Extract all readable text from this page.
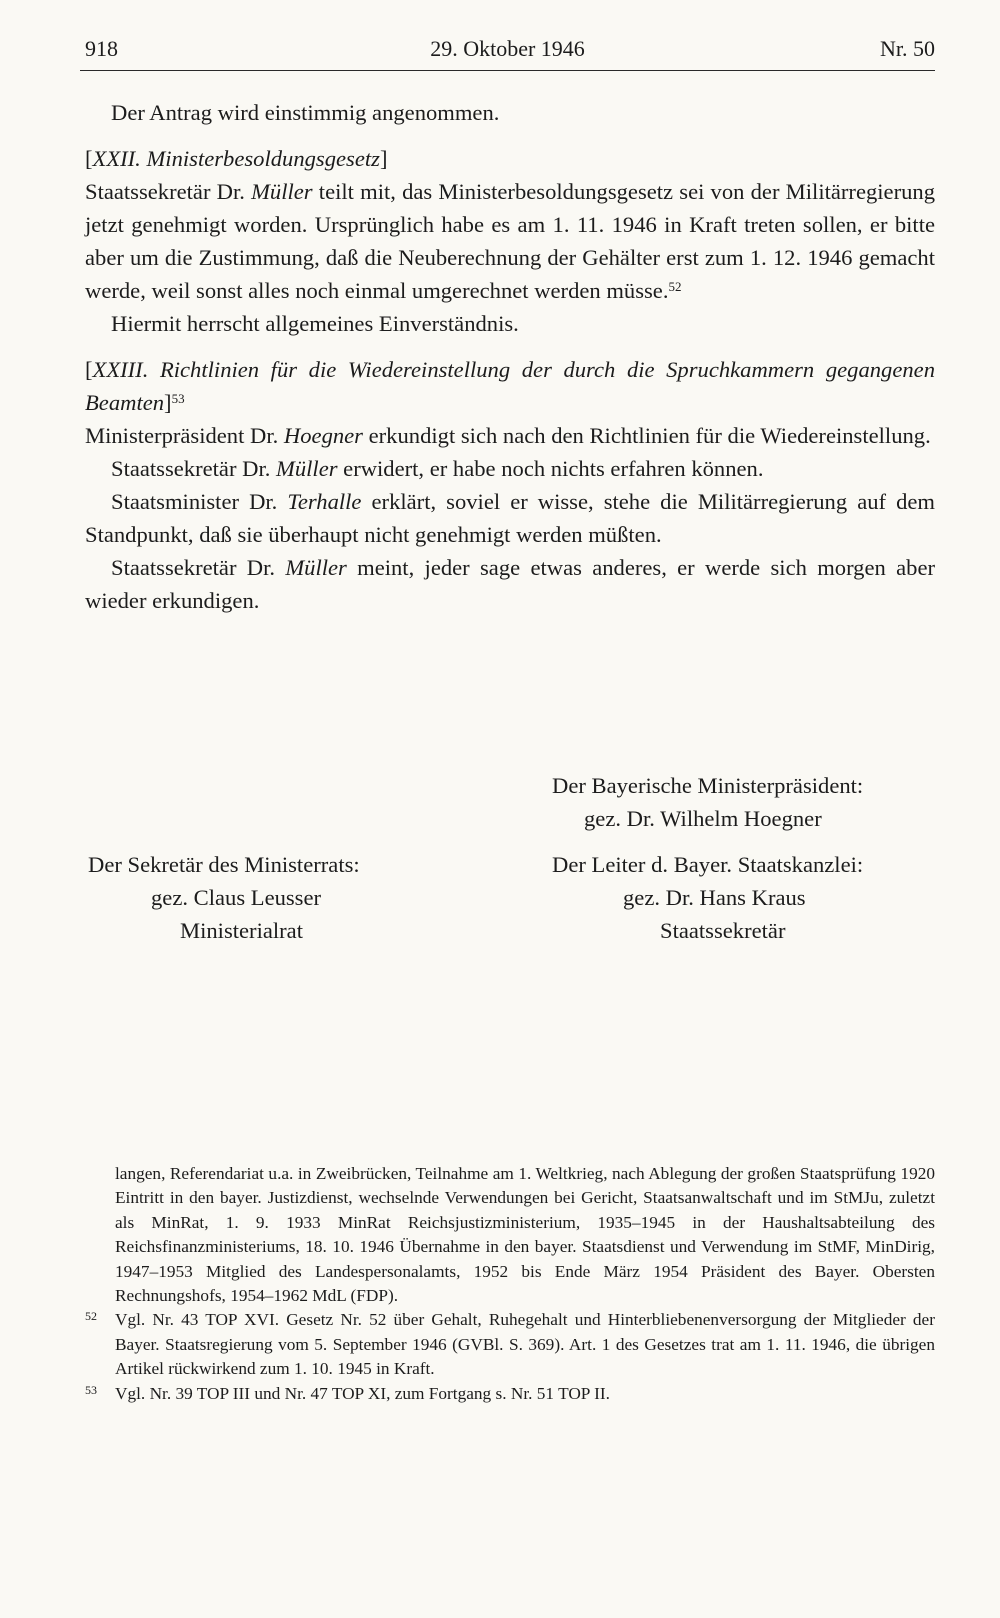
29. Oktober 1946
918	Nr. 50

Der Antrag wird einstimmig angenommen.

[XXII. Ministerbesoldungsgesetz]

Staatssekretär Dr. Müller teilt mit, das Ministerbesoldungsgesetz sei von der Militärregierung jetzt genehmigt worden. Ursprünglich habe es am 1. 11. 1946 in Kraft treten sollen, er bitte aber um die Zustimmung, daß die Neuberechnung der Gehälter erst zum 1. 12. 1946 gemacht werde, weil sonst alles noch einmal umgerechnet werden müsse.$^{52}$

Hiermit herrscht allgemeines Einverständnis.

[XXIII. Richtlinien für die Wiedereinstellung der durch die Spruchkammern gegangenen Beamten]$^{53}$

Ministerpräsident Dr. Hoegner erkundigt sich nach den Richtlinien für die Wiedereinstellung.

Staatssekretär Dr. Müller erwidert, er habe noch nichts erfahren können.

Staatsminister Dr. Terhalle erklärt, soviel er wisse, stehe die Militärregierung auf dem Standpunkt, daß sie überhaupt nicht genehmigt werden müßten.

Staatssekretär Dr. Müller meint, jeder sage etwas anderes, er werde sich morgen aber wieder erkundigen.

Der Bayerische Ministerpräsident:
gez. Dr. Wilhelm Hoegner
Der Sekretär des Ministerrats:
gez. Claus Leusser
Ministerialrat
Der Leiter d. Bayer. Staatskanzlei:
gez. Dr. Hans Kraus
Staatssekretär

langen, Referendariat u.a. in Zweibrücken, Teilnahme am 1. Weltkrieg, nach Ablegung der großen Staatsprüfung 1920 Eintritt in den bayer. Justizdienst, wechselnde Verwendungen bei Gericht, Staatsanwaltschaft und im StMJu, zuletzt als MinRat, 1. 9. 1933 MinRat Reichsjustizministerium, 1935–1945 in der Haushaltsabteilung des Reichsfinanzministeriums, 18. 10. 1946 Übernahme in den bayer. Staatsdienst und Verwendung im StMF, MinDirig, 1947–1953 Mitglied des Landespersonalamts, 1952 bis Ende März 1954 Präsident des Bayer. Obersten Rechnungshofs, 1954–1962 MdL (FDP).

52 Vgl. Nr. 43 TOP XVI. Gesetz Nr. 52 über Gehalt, Ruhegehalt und Hinterbliebenenversorgung der Mitglieder der Bayer. Staatsregierung vom 5. September 1946 (GVBl. S. 369). Art. 1 des Gesetzes trat am 1. 11. 1946, die übrigen Artikel rückwirkend zum 1. 10. 1945 in Kraft.

53 Vgl. Nr. 39 TOP III und Nr. 47 TOP XI, zum Fortgang s. Nr. 51 TOP II.
